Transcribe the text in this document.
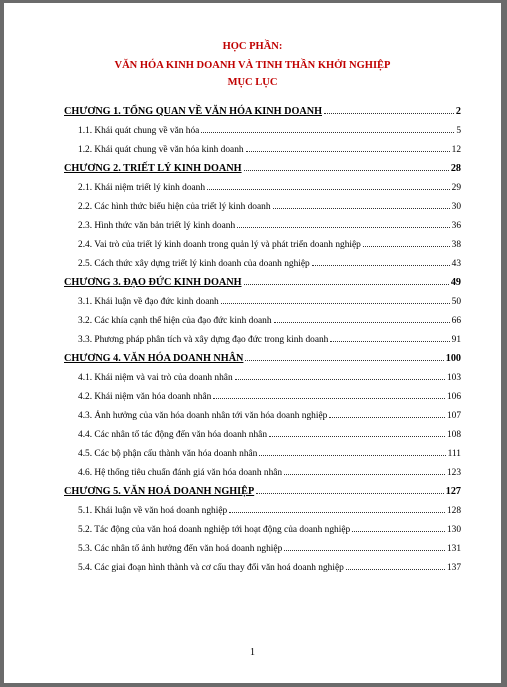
HỌC PHẦN:
VĂN HÓA KINH DOANH VÀ TINH THẦN KHỞI NGHIỆP
MỤC LỤC
CHƯƠNG 1. TỔNG QUAN VỀ VĂN HÓA KINH DOANH	2
1.1. Khái quát chung về văn hóa	5
1.2. Khái quát chung về văn hóa kinh doanh	12
CHƯƠNG 2. TRIẾT LÝ KINH DOANH	28
2.1. Khái niệm triết lý kinh doanh	29
2.2. Các hình thức biểu hiện của triết lý kinh doanh	30
2.3. Hình thức văn bản triết lý kinh doanh	36
2.4. Vai trò của triết lý kinh doanh trong quản lý và phát triển doanh nghiệp	38
2.5. Cách thức xây dựng triết lý kinh doanh của doanh nghiệp	43
CHƯƠNG 3. ĐẠO ĐỨC KINH DOANH	49
3.1. Khái luận về đạo đức kinh doanh	50
3.2. Các khía cạnh thể hiện của đạo đức kinh doanh	66
3.3. Phương pháp phân tích và xây dựng đạo đức trong kinh doanh	91
CHƯƠNG 4. VĂN HÓA DOANH NHÂN	100
4.1. Khái niệm và vai trò của doanh nhân	103
4.2. Khái niệm văn hóa doanh nhân	106
4.3. Ảnh hưởng của văn hóa doanh nhân tới văn hóa doanh nghiệp	107
4.4. Các nhân tố tác động đến văn hóa doanh nhân	108
4.5. Các bộ phận cấu thành văn hóa doanh nhân	111
4.6. Hệ thống tiêu chuẩn đánh giá văn hóa doanh nhân	123
CHƯƠNG 5. VĂN HOÁ DOANH NGHIỆP	127
5.1. Khái luận về văn hoá doanh nghiệp	128
5.2. Tác động của văn hoá doanh nghiệp tới hoạt động của doanh nghiệp	130
5.3. Các nhân tố ảnh hưởng đến văn hoá doanh nghiệp	131
5.4. Các giai đoạn hình thành và cơ cấu thay đổi văn hoá doanh nghiệp	137
1
